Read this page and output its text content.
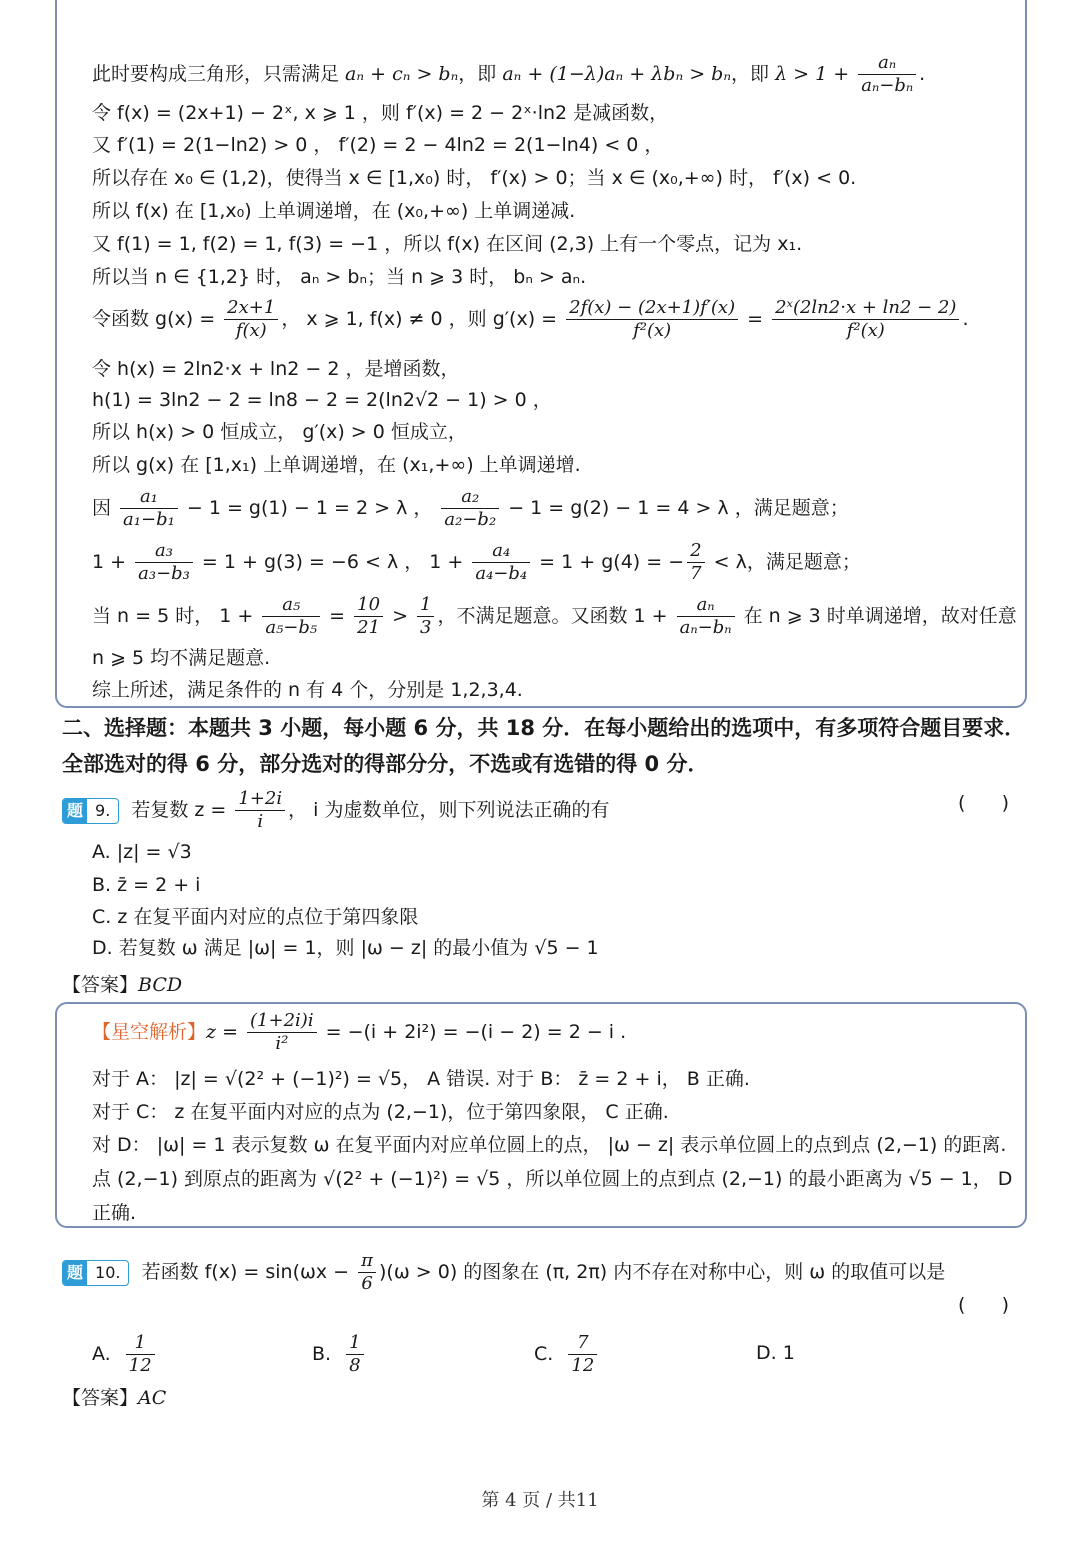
此时要构成三角形，只需满足 aₙ + cₙ > bₙ，即 aₙ + (1−λ)aₙ + λbₙ > bₙ，即 $\lambda > 1 + \frac{\text{aₙ}}{\text{aₙ−bₙ}}$ .
令 f(x) = (2x+1) − 2ˣ, x ⩾ 1 ，则 f′(x) = 2 − 2ˣ·ln2 是减函数，
又 f′(1) = 2(1−ln2) > 0 ， f′(2) = 2 − 4ln2 = 2(1−ln4) < 0 ，
所以存在 x₀ ∈ (1,2)，使得当 x ∈ [1,x₀) 时， f′(x) > 0；当 x ∈ (x₀,+∞) 时， f′(x) < 0.
所以 f(x) 在 [1,x₀) 上单调递增，在 (x₀,+∞) 上单调递减.
又 f(1) = 1, f(2) = 1, f(3) = −1 ，所以 f(x) 在区间 (2,3) 上有一个零点，记为 x₁.
所以当 n ∈ {1,2} 时， aₙ > bₙ；当 n ⩾ 3 时， bₙ > aₙ.
令函数 $g(x) = \frac{2x+1}{f(x)}$ ， x ⩾ 1, f(x) ≠ 0 ，则 $g'(x) = \frac{2f(x) - (2x+1)f'(x)}{\text{f²(x)}} = \frac{\text{2ˣ(2ln2·x + ln2 − 2)}}{\text{f²(x)}}$ .
令 h(x) = 2ln2·x + ln2 − 2 ，是增函数，
h(1) = 3ln2 − 2 = ln8 − 2 = 2(ln2√2 − 1) > 0 ，
所以 h(x) > 0 恒成立， g′(x) > 0 恒成立，
所以 g(x) 在 [1,x₁) 上单调递增，在 (x₁,+∞) 上单调递增.
因 $\frac{\text{a₁}}{\text{a₁−b₁}} - 1 = g(1) - 1 = 2 > \lambda$ ， $\frac{\text{a₂}}{\text{a₂−b₂}} - 1 = g(2) - 1 = 4 > \lambda$ ，满足题意；
$1 + \frac{\text{a₃}}{\text{a₃−b₃}} = 1 + g(3) = -6 < \lambda$ ， $1 + \frac{\text{a₄}}{\text{a₄−b₄}} = 1 + g(4)$ = − $\frac{2}{7} < \lambda$，满足题意；
当 n = 5 时， $1 + \frac{\text{a₅}}{\text{a₅−b₅}} = \frac{10}{21} > \frac{1}{3}$ ，不满足题意。又函数 $1 + \frac{\text{aₙ}}{\text{aₙ−bₙ}}$ 在 n ⩾ 3 时单调递增，故对任意
n ⩾ 5 均不满足题意.
综上所述，满足条件的 n 有 4 个，分别是 1,2,3,4.
二、选择题：本题共 3 小题，每小题 6 分，共 18 分．在每小题给出的选项中，有多项符合题目要求．全部选对的得 6 分，部分选对的得部分分，不选或有选错的得 0 分．
题 9. 若复数 $z = \frac{1+2i}{i}$ ， i 为虚数单位，则下列说法正确的有	(      )
A. |z| = √3
B. z̄ = 2 + i
C. z 在复平面内对应的点位于第四象限
D. 若复数 ω 满足 |ω| = 1，则 |ω − z| 的最小值为 √5 − 1
【答案】BCD
【星空解析】$z = \frac{(1+2i)i}{\text{i²}} = -(i + 2i^2) = -(i - 2) = 2 - i$ .
对于 A： |z| = √(2² + (−1)²) = √5， A 错误. 对于 B： z̄ = 2 + i， B 正确.
对于 C： z 在复平面内对应的点为 (2,−1)，位于第四象限， C 正确.
对 D： |ω| = 1 表示复数 ω 在复平面内对应单位圆上的点， |ω − z| 表示单位圆上的点到点 (2,−1) 的距离.
点 (2,−1) 到原点的距离为 √(2² + (−1)²) = √5 ，所以单位圆上的点到点 (2,−1) 的最小距离为 √5 − 1， D
正确.
题 10. 若函数 $f(x) = \sin(\omega x - \frac{\pi}{6} )(\omega > 0)$ 的图象在 (π, 2π) 内不存在对称中心，则 ω 的取值可以是
(      )
A. $\frac{1}{12}$	B. $\frac{1}{8}$	C. $\frac{7}{12}$	D. 1
【答案】AC
第 4 页 / 共11
